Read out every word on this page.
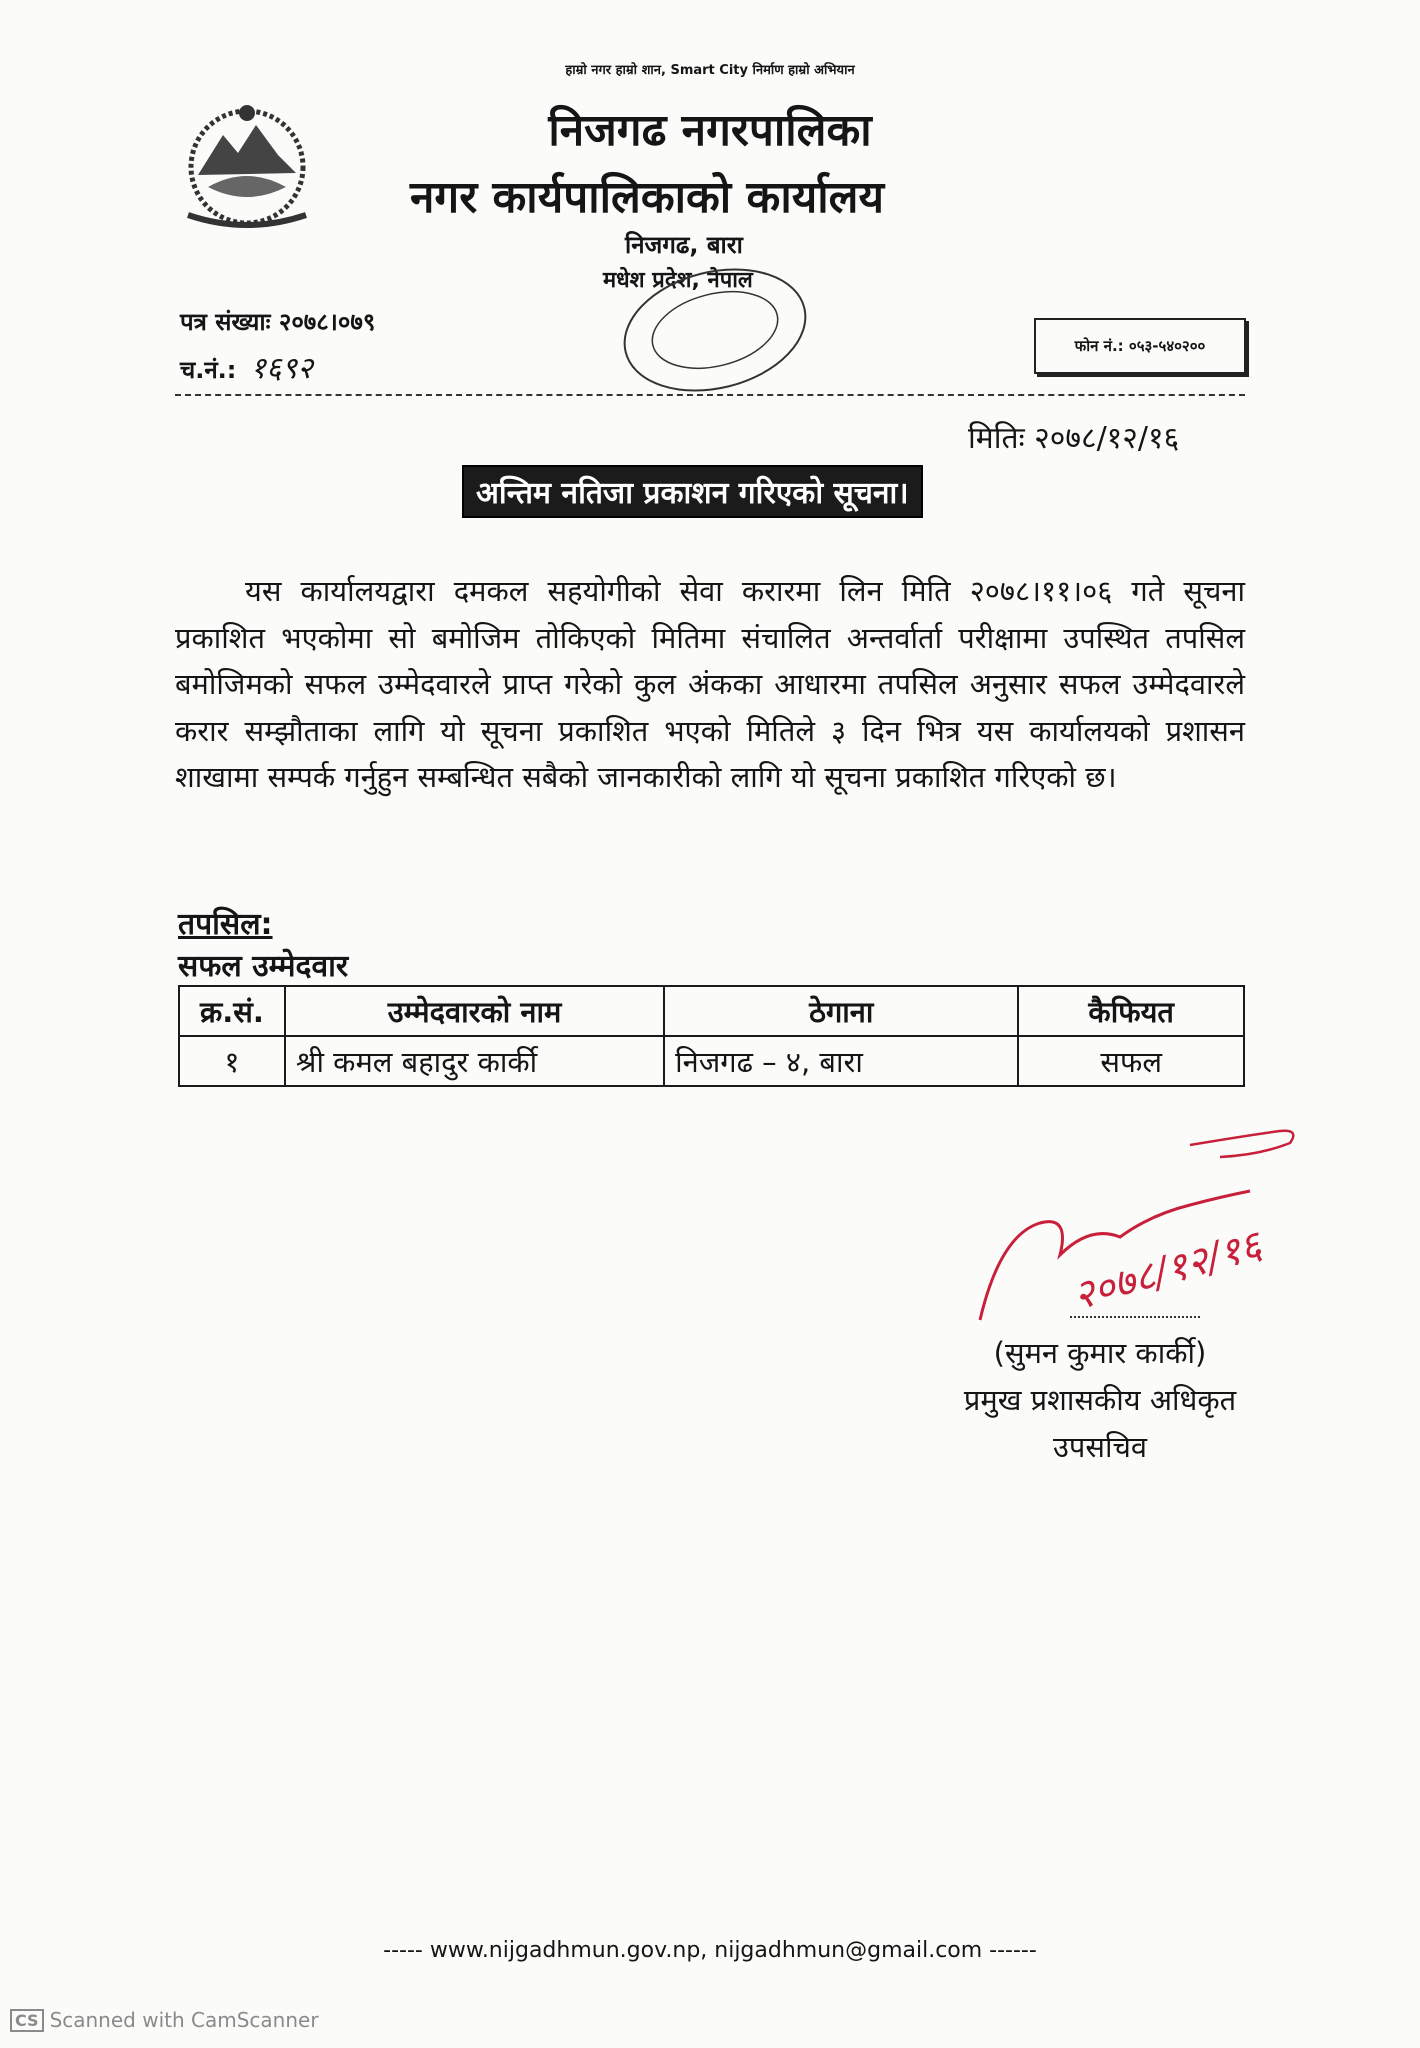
हाम्रो नगर हाम्रो शान, Smart City निर्माण हाम्रो अभियान
निजगढ नगरपालिका
नगर कार्यपालिकाको कार्यालय
निजगढ, बारा
मधेश प्रदेश, नेपाल
पत्र संख्याः २०७८।०७९
च.नं.: १६९२
फोन नं.: ०५३-५४०२००
मितिः २०७८/१२/१६
अन्तिम नतिजा प्रकाशन गरिएको सूचना।
यस कार्यालयद्वारा दमकल सहयोगीको सेवा करारमा लिन मिति २०७८।११।०६ गते सूचना प्रकाशित भएकोमा सो बमोजिम तोकिएको मितिमा संचालित अन्तर्वार्ता परीक्षामा उपस्थित तपसिल बमोजिमको सफल उम्मेदवारले प्राप्त गरेको कुल अंकका आधारमा तपसिल अनुसार सफल उम्मेदवारले करार सम्झौताका लागि यो सूचना प्रकाशित भएको मितिले ३ दिन भित्र यस कार्यालयको प्रशासन शाखामा सम्पर्क गर्नुहुन सम्बन्धित सबैको जानकारीको लागि यो सूचना प्रकाशित गरिएको छ।
तपसिल:
सफल उम्मेदवार
क्र.सं.	उम्मेदवारको नाम	ठेगाना	कैफियत
१	श्री कमल बहादुर कार्की	निजगढ – ४, बारा	सफल
२०७८/१२/१६
(सुमन कुमार कार्की)
प्रमुख प्रशासकीय अधिकृत
उपसचिव
----- www.nijgadhmun.gov.np, nijgadhmun@gmail.com ------
CS Scanned with CamScanner
